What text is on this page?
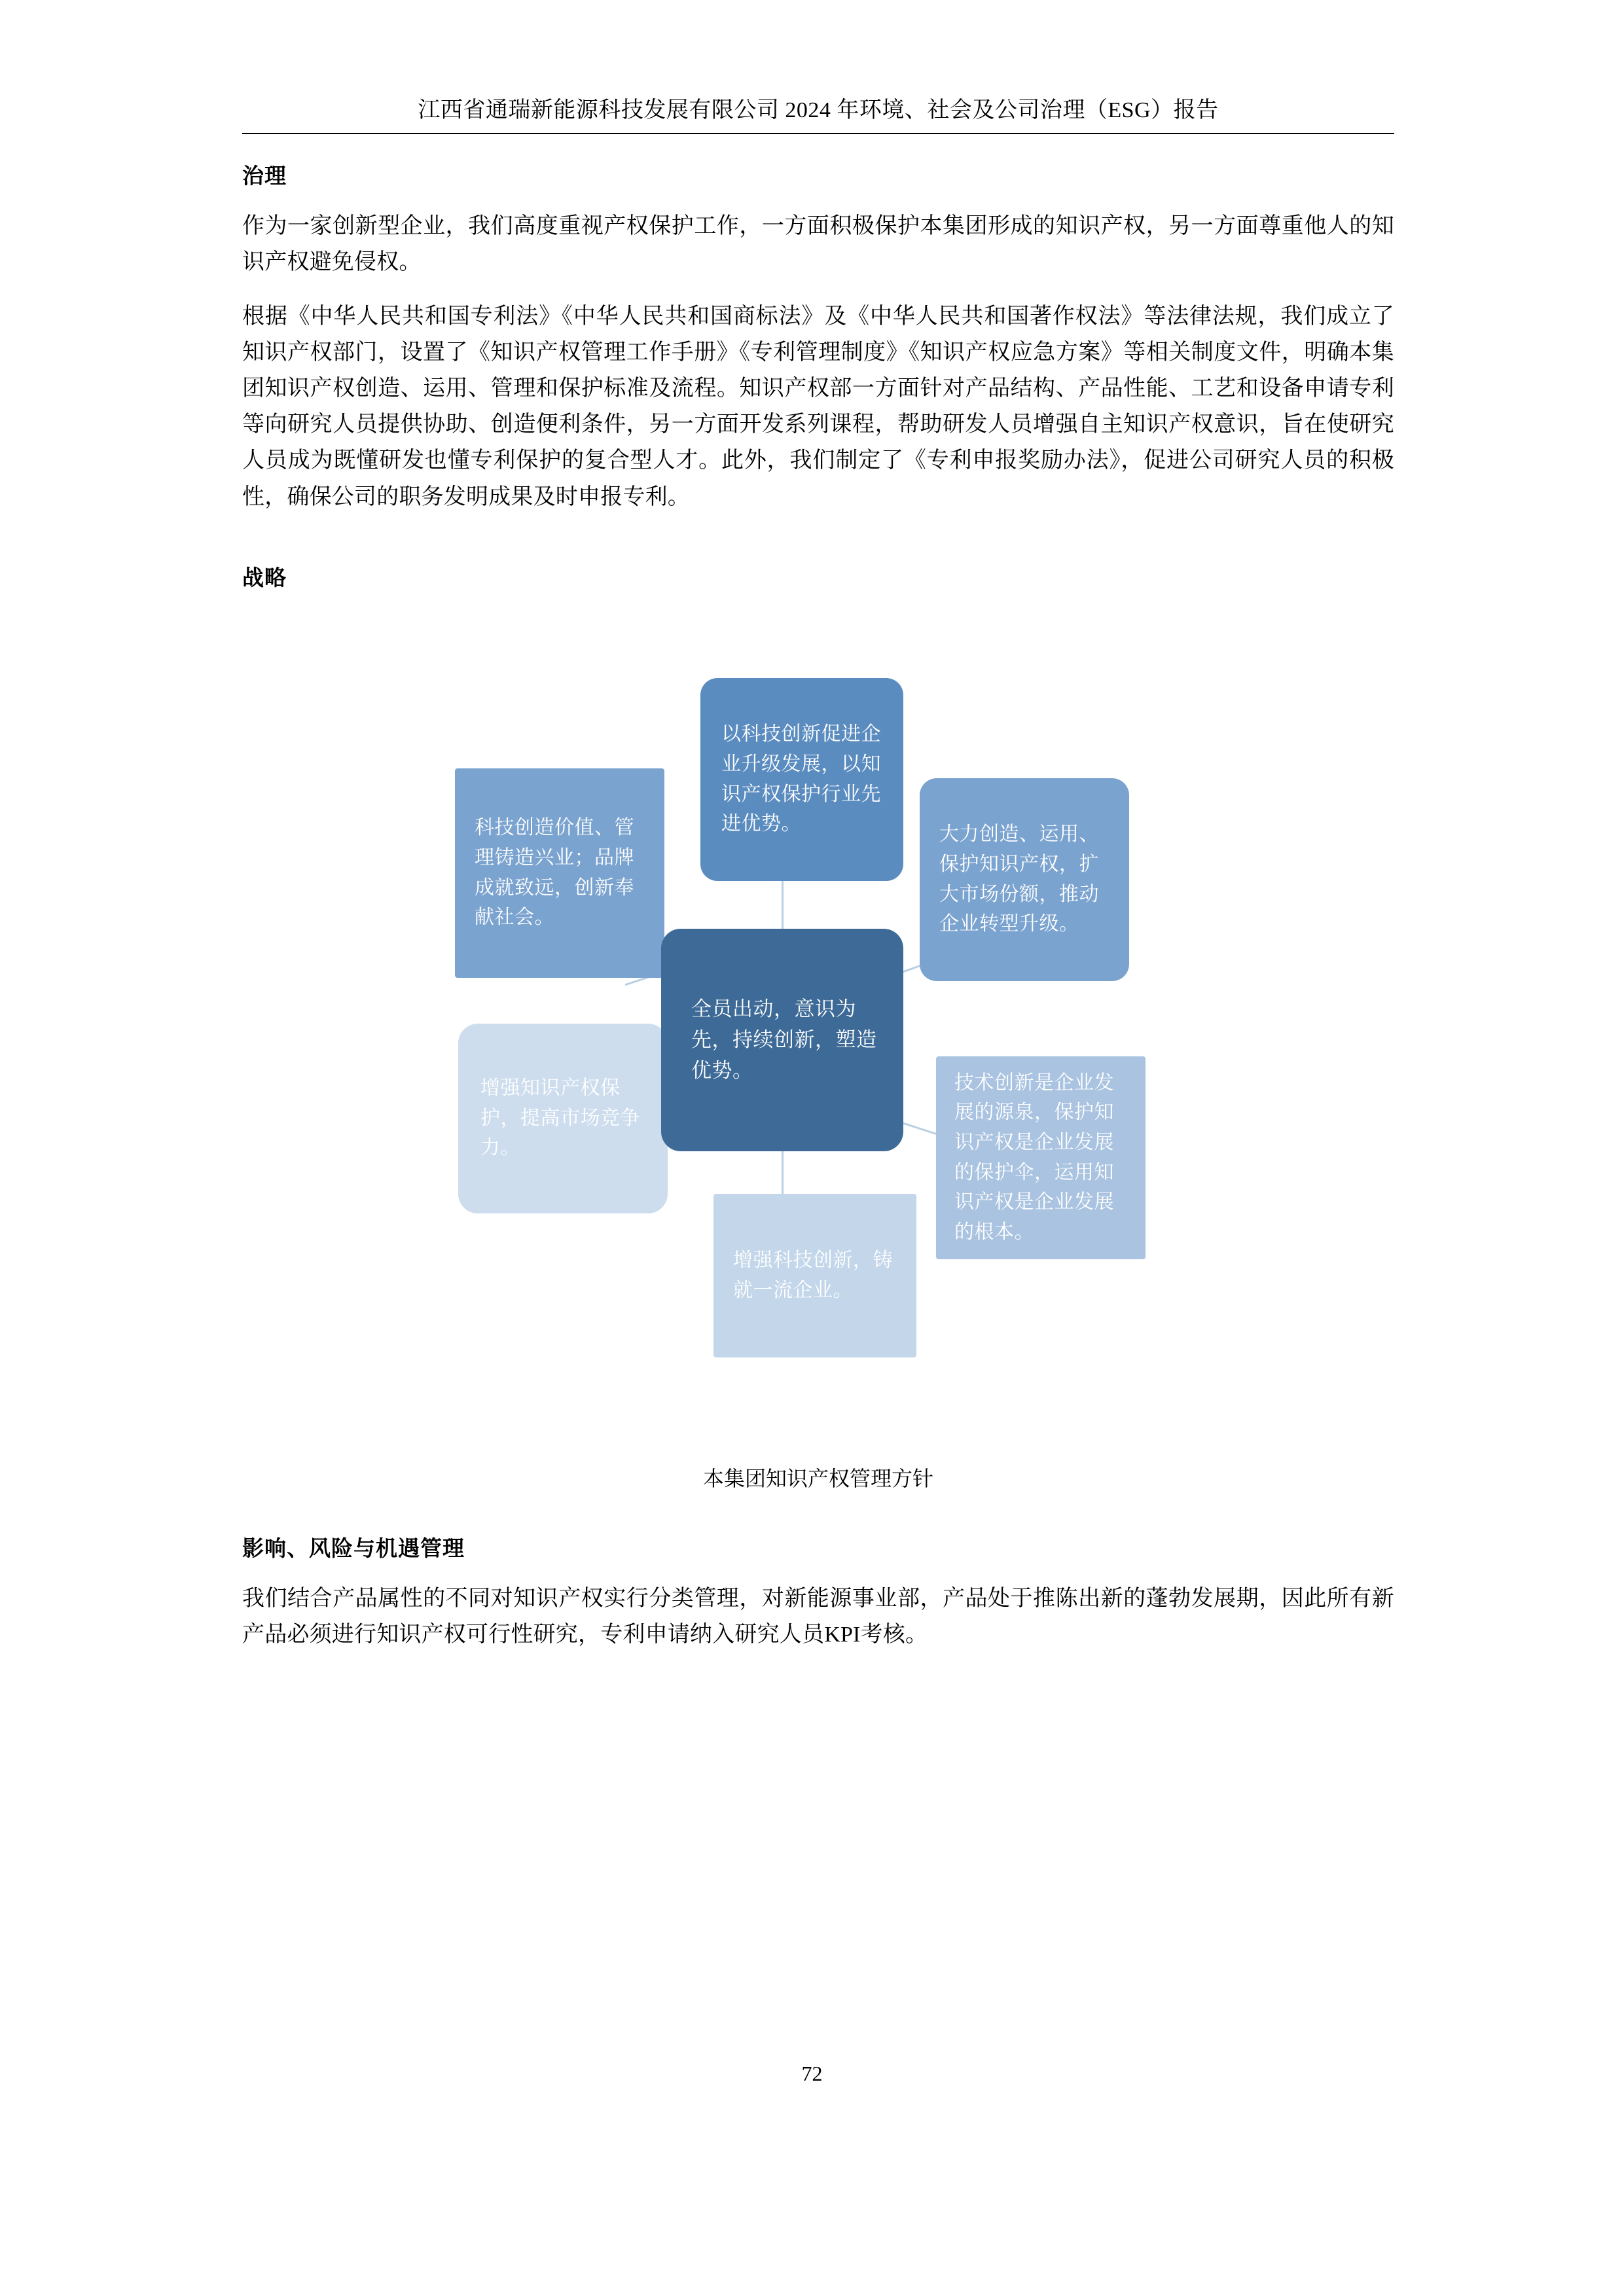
江西省通瑞新能源科技发展有限公司 2024 年环境、社会及公司治理（ESG）报告
治理

作为一家创新型企业，我们高度重视产权保护工作，一方面积极保护本集团形成的知识产权，另一方面尊重他人的知识产权避免侵权。

根据《中华人民共和国专利法》《中华人民共和国商标法》及《中华人民共和国著作权法》等法律法规，我们成立了知识产权部门，设置了《知识产权管理工作手册》《专利管理制度》《知识产权应急方案》等相关制度文件，明确本集团知识产权创造、运用、管理和保护标准及流程。知识产权部一方面针对产品结构、产品性能、工艺和设备申请专利等向研究人员提供协助、创造便利条件，另一方面开发系列课程，帮助研发人员增强自主知识产权意识，旨在使研究人员成为既懂研发也懂专利保护的复合型人才。此外，我们制定了《专利申报奖励办法》，促进公司研究人员的积极性，确保公司的职务发明成果及时申报专利。

战略
以科技创新促进企业升级发展，以知识产权保护行业先进优势。	大力创造、运用、保护知识产权，扩大市场份额，推动企业转型升级。
技术创新是企业发展的源泉，保护知识产权是企业发展的保护伞，运用知识产权是企业发展的根本。
增强科技创新，铸就一流企业。
增强知识产权保护，提高市场竞争力。
科技创造价值、管理铸造兴业；品牌成就致远，创新奉献社会。
全员出动，意识为先，持续创新，塑造优势。
本集团知识产权管理方针
影响、风险与机遇管理

我们结合产品属性的不同对知识产权实行分类管理，对新能源事业部，产品处于推陈出新的蓬勃发展期，因此所有新产品必须进行知识产权可行性研究，专利申请纳入研究人员KPI考核。

72
